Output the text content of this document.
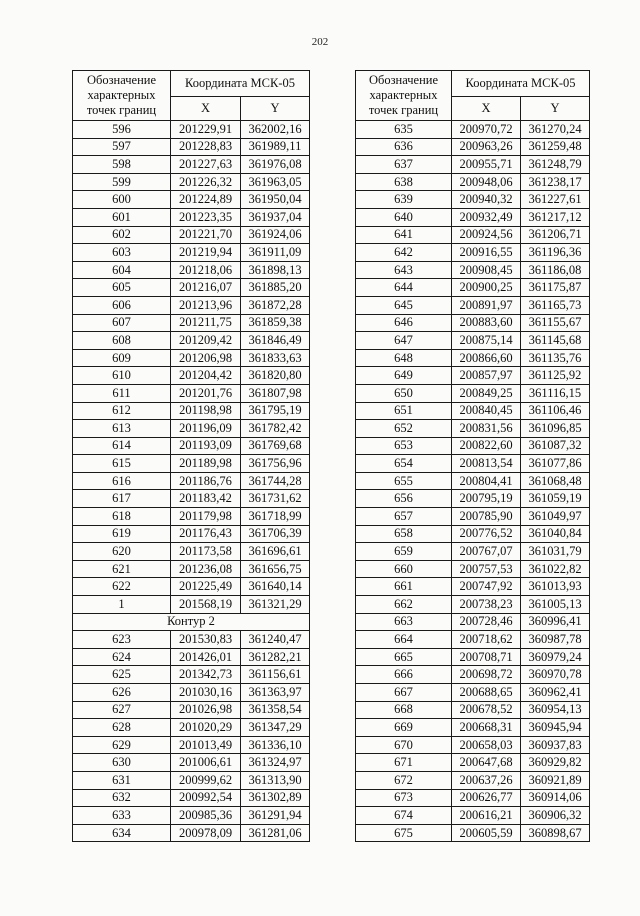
202
Обозначение характерных точек границ	Координата МСК-05	
	X	Y
596	201229,91	362002,16
597	201228,83	361989,11
598	201227,63	361976,08
599	201226,32	361963,05
600	201224,89	361950,04
601	201223,35	361937,04
602	201221,70	361924,06
603	201219,94	361911,09
604	201218,06	361898,13
605	201216,07	361885,20
606	201213,96	361872,28
607	201211,75	361859,38
608	201209,42	361846,49
609	201206,98	361833,63
610	201204,42	361820,80
611	201201,76	361807,98
612	201198,98	361795,19
613	201196,09	361782,42
614	201193,09	361769,68
615	201189,98	361756,96
616	201186,76	361744,28
617	201183,42	361731,62
618	201179,98	361718,99
619	201176,43	361706,39
620	201173,58	361696,61
621	201236,08	361656,75
622	201225,49	361640,14
1	201568,19	361321,29
Контур 2		
623	201530,83	361240,47
624	201426,01	361282,21
625	201342,73	361156,61
626	201030,16	361363,97
627	201026,98	361358,54
628	201020,29	361347,29
629	201013,49	361336,10
630	201006,61	361324,97
631	200999,62	361313,90
632	200992,54	361302,89
633	200985,36	361291,94
634	200978,09	361281,06
Обозначение характерных точек границ	Координата МСК-05	
	X	Y
635	200970,72	361270,24
636	200963,26	361259,48
637	200955,71	361248,79
638	200948,06	361238,17
639	200940,32	361227,61
640	200932,49	361217,12
641	200924,56	361206,71
642	200916,55	361196,36
643	200908,45	361186,08
644	200900,25	361175,87
645	200891,97	361165,73
646	200883,60	361155,67
647	200875,14	361145,68
648	200866,60	361135,76
649	200857,97	361125,92
650	200849,25	361116,15
651	200840,45	361106,46
652	200831,56	361096,85
653	200822,60	361087,32
654	200813,54	361077,86
655	200804,41	361068,48
656	200795,19	361059,19
657	200785,90	361049,97
658	200776,52	361040,84
659	200767,07	361031,79
660	200757,53	361022,82
661	200747,92	361013,93
662	200738,23	361005,13
663	200728,46	360996,41
664	200718,62	360987,78
665	200708,71	360979,24
666	200698,72	360970,78
667	200688,65	360962,41
668	200678,52	360954,13
669	200668,31	360945,94
670	200658,03	360937,83
671	200647,68	360929,82
672	200637,26	360921,89
673	200626,77	360914,06
674	200616,21	360906,32
675	200605,59	360898,67
